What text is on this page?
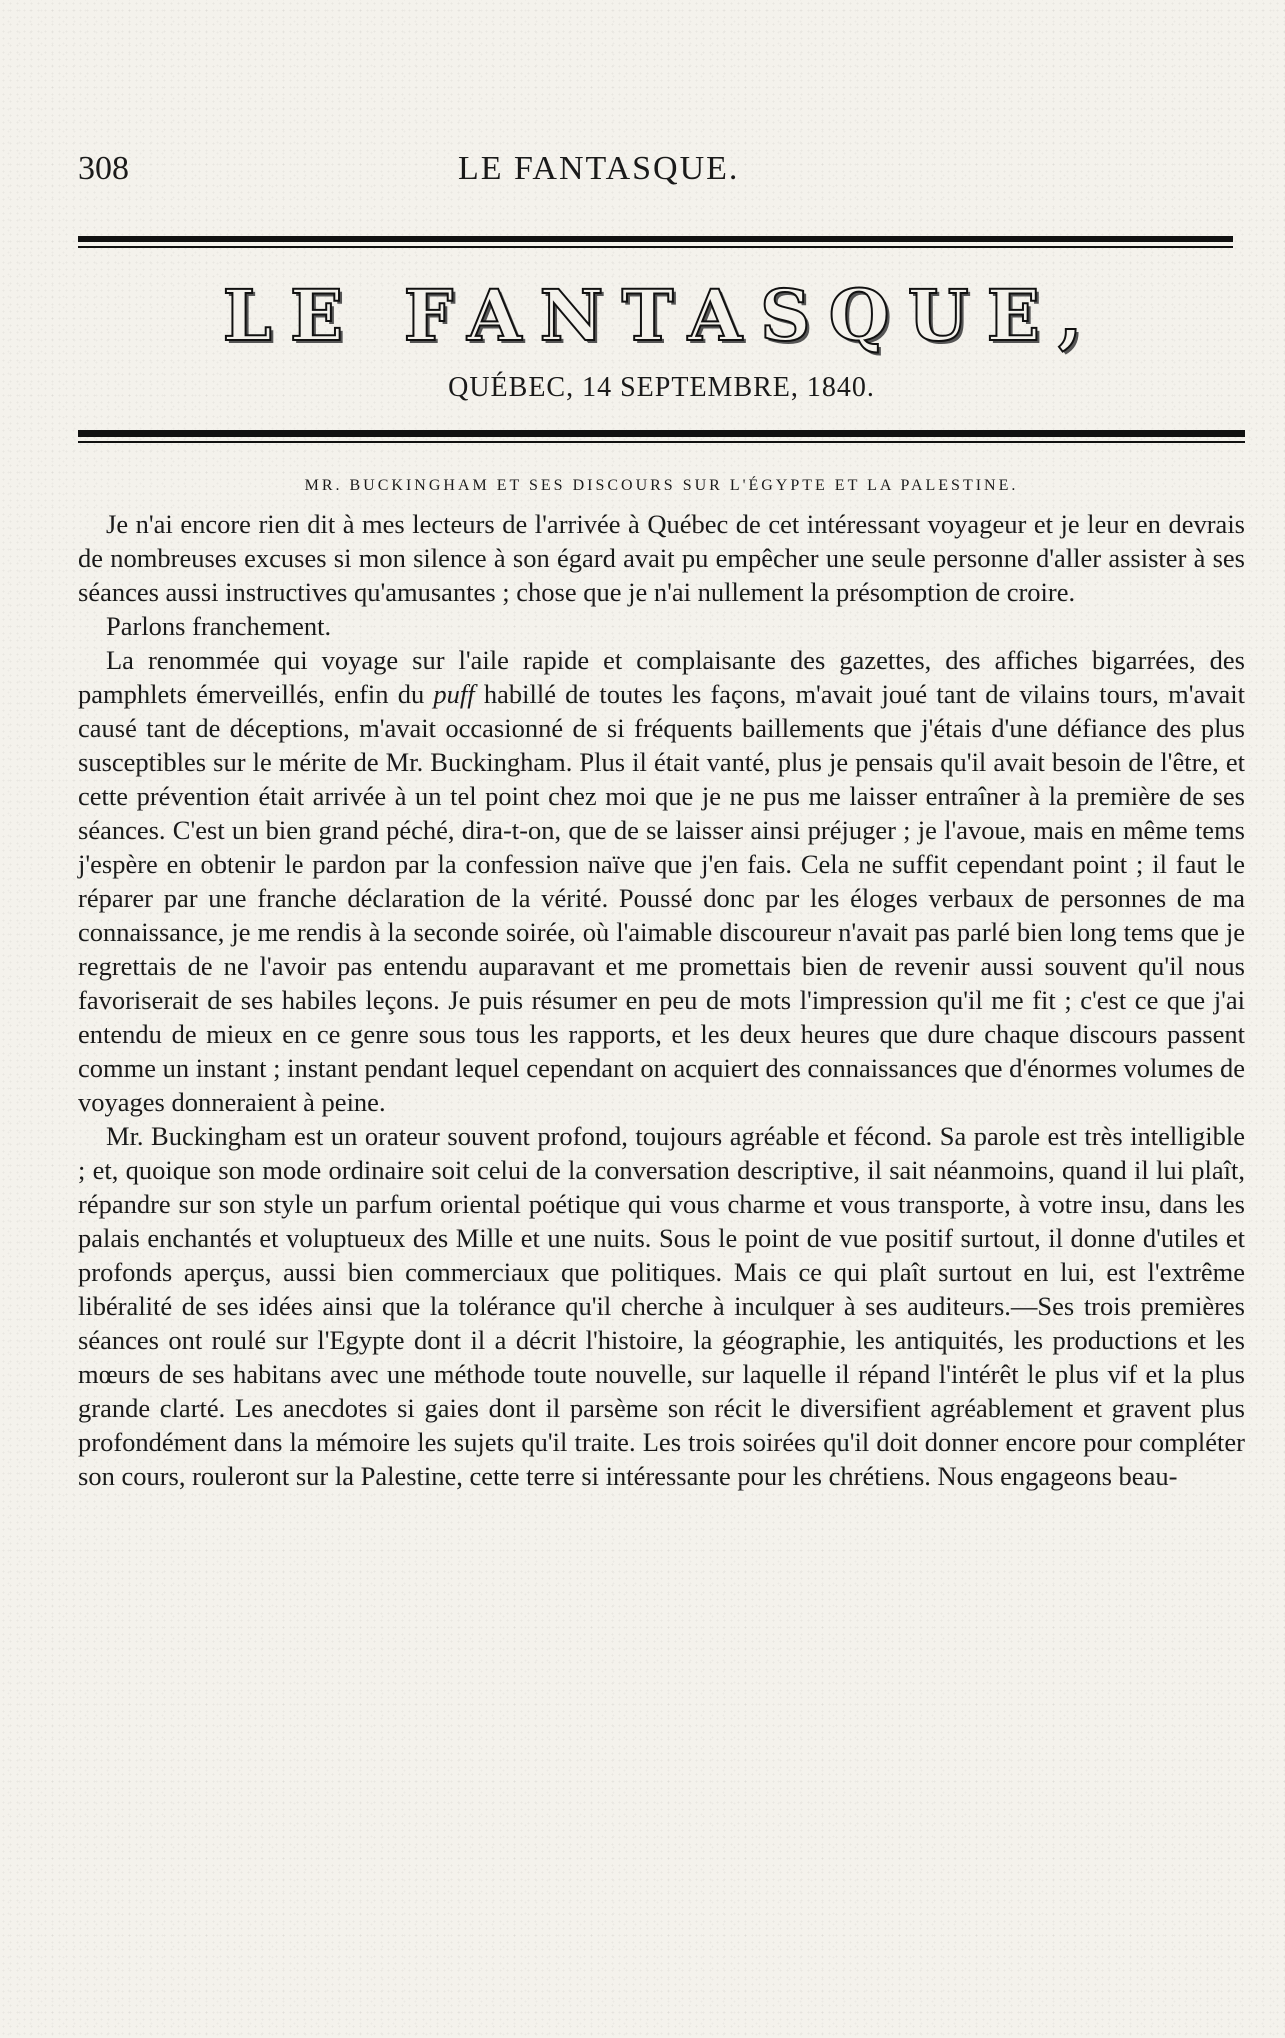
308	LE FANTASQUE.
LE FANTASQUE,
QUÉBEC, 14 SEPTEMBRE, 1840.
MR. BUCKINGHAM ET SES DISCOURS SUR L'ÉGYPTE ET LA PALESTINE.

Je n'ai encore rien dit à mes lecteurs de l'arrivée à Québec de cet intéressant voyageur et je leur en devrais de nombreuses excuses si mon silence à son égard avait pu empêcher une seule personne d'aller assister à ses séances aussi instructives qu'amusantes ; chose que je n'ai nullement la présomption de croire.

Parlons franchement.

La renommée qui voyage sur l'aile rapide et complaisante des gazettes, des affiches bigarrées, des pamphlets émerveillés, enfin du puff habillé de toutes les façons, m'avait joué tant de vilains tours, m'avait causé tant de déceptions, m'avait occasionné de si fréquents baillements que j'étais d'une défiance des plus susceptibles sur le mérite de Mr. Buckingham. Plus il était vanté, plus je pensais qu'il avait besoin de l'être, et cette prévention était arrivée à un tel point chez moi que je ne pus me laisser entraîner à la première de ses séances. C'est un bien grand péché, dira-t-on, que de se laisser ainsi préjuger ; je l'avoue, mais en même tems j'espère en obtenir le pardon par la confession naïve que j'en fais. Cela ne suffit cependant point ; il faut le réparer par une franche déclaration de la vérité. Poussé donc par les éloges verbaux de personnes de ma connaissance, je me rendis à la seconde soirée, où l'aimable discoureur n'avait pas parlé bien long tems que je regrettais de ne l'avoir pas entendu auparavant et me promettais bien de revenir aussi souvent qu'il nous favoriserait de ses habiles leçons. Je puis résumer en peu de mots l'impression qu'il me fit ; c'est ce que j'ai entendu de mieux en ce genre sous tous les rapports, et les deux heures que dure chaque discours passent comme un instant ; instant pendant lequel cependant on acquiert des connaissances que d'énormes volumes de voyages donneraient à peine.

Mr. Buckingham est un orateur souvent profond, toujours agréable et fécond. Sa parole est très intelligible ; et, quoique son mode ordinaire soit celui de la conversation descriptive, il sait néanmoins, quand il lui plaît, répandre sur son style un parfum oriental poétique qui vous charme et vous transporte, à votre insu, dans les palais enchantés et voluptueux des Mille et une nuits. Sous le point de vue positif surtout, il donne d'utiles et profonds aperçus, aussi bien commerciaux que politiques. Mais ce qui plaît surtout en lui, est l'extrême libéralité de ses idées ainsi que la tolérance qu'il cherche à inculquer à ses auditeurs.—Ses trois premières séances ont roulé sur l'Egypte dont il a décrit l'histoire, la géographie, les antiquités, les productions et les mœurs de ses habitans avec une méthode toute nouvelle, sur laquelle il répand l'intérêt le plus vif et la plus grande clarté. Les anecdotes si gaies dont il parsème son récit le diversifient agréablement et gravent plus profondément dans la mémoire les sujets qu'il traite. Les trois soirées qu'il doit donner encore pour compléter son cours, rouleront sur la Palestine, cette terre si intéressante pour les chrétiens. Nous engageons beau-
